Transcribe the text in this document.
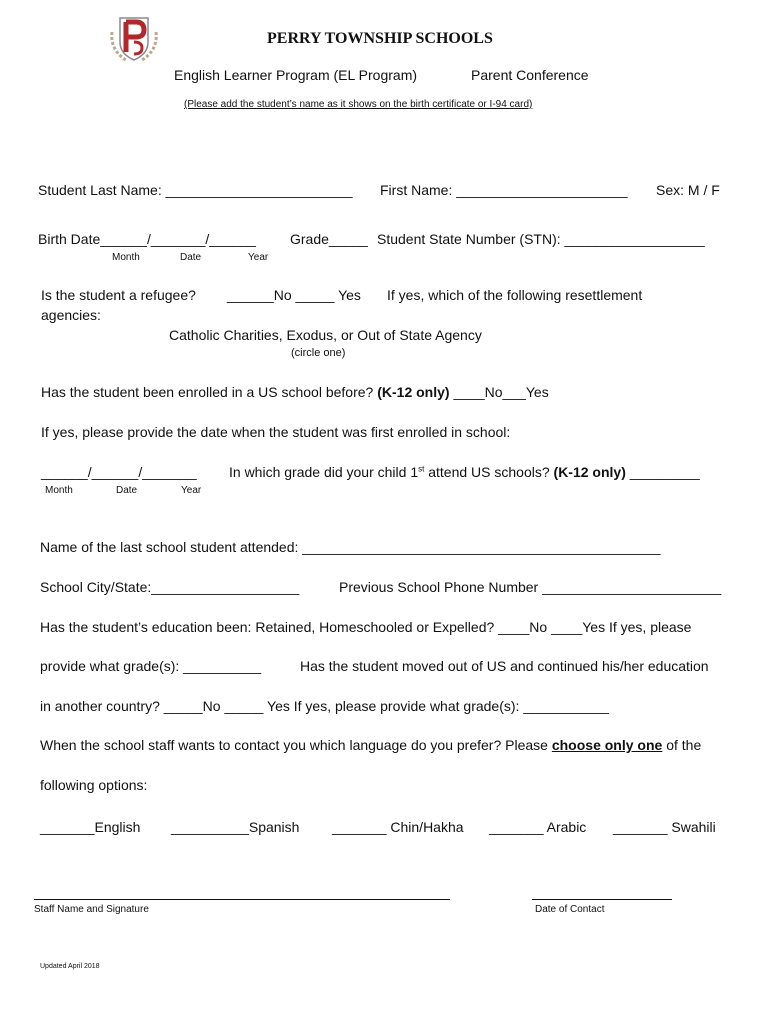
PERRY TOWNSHIP SCHOOLS
English Learner Program (EL Program)	Parent Conference
(Please add the student’s name as it shows on the birth certificate or I-94 card)
Student Last Name: ________________________ First Name: ______________________ Sex: M / F
Birth Date______/_______/______ Grade_____ Student State Number (STN): __________________
Month	Date	Year
Is the student a refugee? ______No _____ Yes If yes, which of the following resettlement
agencies:
Catholic Charities, Exodus, or Out of State Agency
(circle one)
Has the student been enrolled in a US school before? (K-12 only) ____No___Yes
If yes, please provide the date when the student was first enrolled in school:
______/______/_______ In which grade did your child 1st attend US schools? (K-12 only) _________
Month	Date	Year
Name of the last school student attended: ______________________________________________
School City/State:___________________	Previous School Phone Number _______________________
Has the student’s education been: Retained, Homeschooled or Expelled? ____No ____Yes If yes, please
provide what grade(s): __________	Has the student moved out of US and continued his/her education
in another country? _____No _____ Yes If yes, please provide what grade(s): ___________
When the school staff wants to contact you which language do you prefer? Please choose only one of the
following options:
_______English __________Spanish _______ Chin/Hakha _______ Arabic _______ Swahili
Staff Name and Signature	Date of Contact
Updated April 2018
